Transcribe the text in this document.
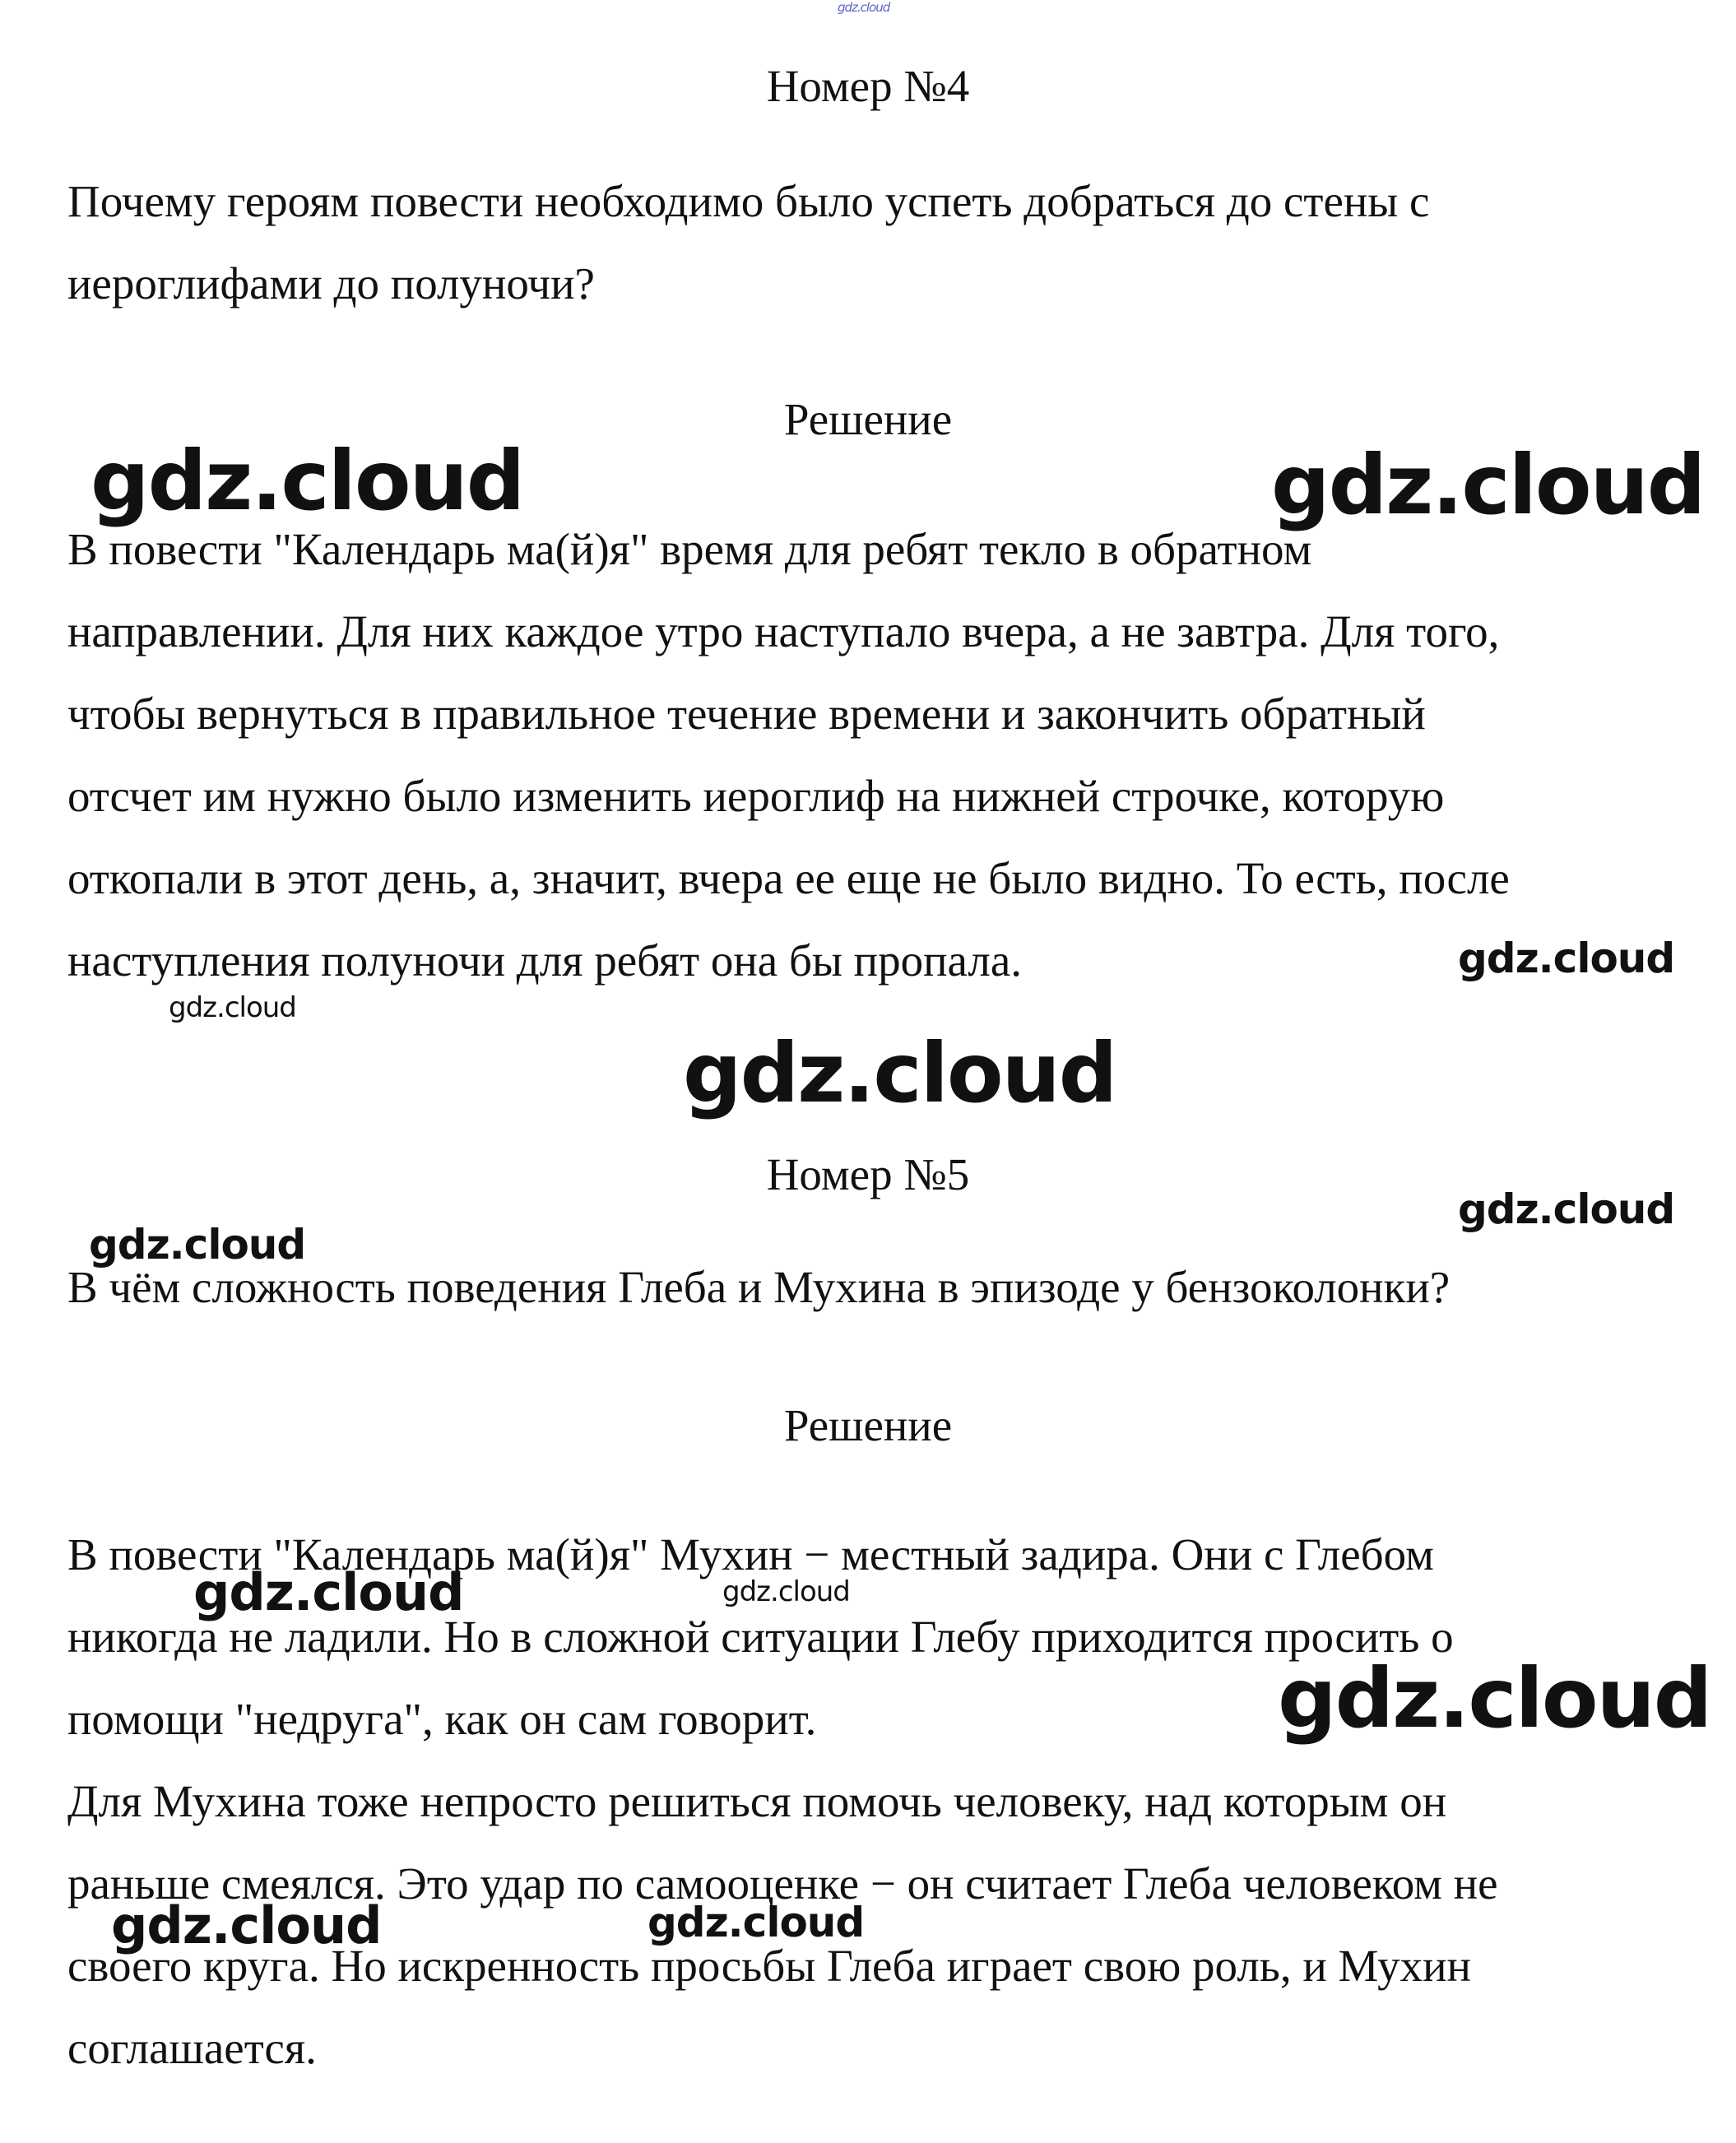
Номер №4

Почему героям повести необходимо было успеть добраться до стены с
иероглифами до полуночи?

Решение

В повести "Календарь ма(й)я" время для ребят текло в обратном
направлении. Для них каждое утро наступало вчера, а не завтра. Для того,
чтобы вернуться в правильное течение времени и закончить обратный
отсчет им нужно было изменить иероглиф на нижней строчке, которую
откопали в этот день, а, значит, вчера ее еще не было видно. То есть, после
наступления полуночи для ребят она бы пропала.

Номер №5

В чём сложность поведения Глеба и Мухина в эпизоде у бензоколонки?

Решение

В повести "Календарь ма(й)я" Мухин − местный задира. Они с Глебом
никогда не ладили. Но в сложной ситуации Глебу приходится просить о
помощи "недруга", как он сам говорит.
Для Мухина тоже непросто решиться помочь человеку, над которым он
раньше смеялся. Это удар по самооценке − он считает Глеба человеком не
своего круга. Но искренность просьбы Глеба играет свою роль, и Мухин
соглашается.

gdz.cloud
gdz.cloud	gdz.cloud
gdz.cloud
gdz.cloud
gdz.cloud
gdz.cloud
gdz.cloud
gdz.cloud	gdz.cloud
gdz.cloud
gdz.cloud	gdz.cloud
